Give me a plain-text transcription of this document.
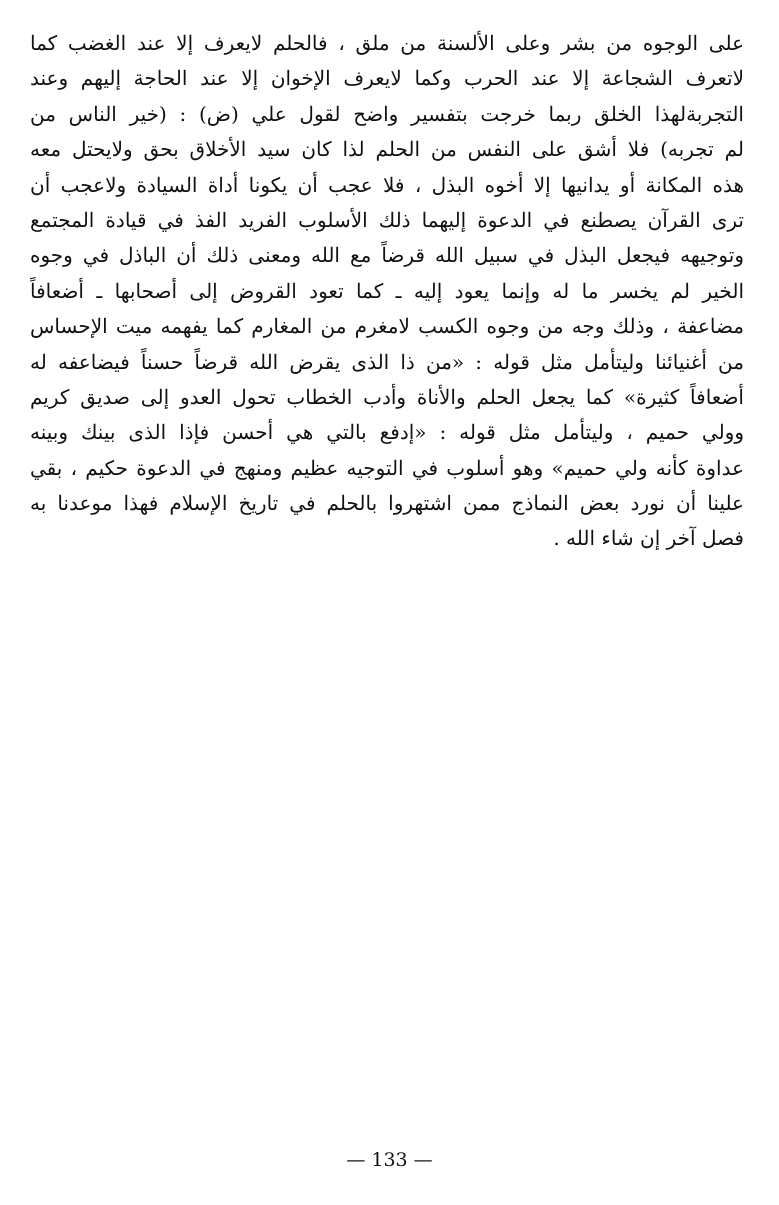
على الوجوه من بشر وعلى الألسنة من ملق ، فالحلم لايعرف إلا عند الغضب كما
لاتعرف الشجاعة إلا عند الحرب وكما لايعرف الإخوان إلا عند الحاجة إليهم وعند
التجربةلهذا الخلق ربما خرجت بتفسير واضح لقول علي (ض) : (خير الناس من
لم تجربه) فلا أشق على النفس من الحلم لذا كان سيد الأخلاق بحق ولايحتل معه
هذه المكانة أو يدانيها إلا أخوه البذل ، فلا عجب أن يكونا أداة السيادة ولاعجب أن
ترى القرآن يصطنع في الدعوة إليهما ذلك الأسلوب الفريد الفذ في قيادة المجتمع
وتوجيهه فيجعل البذل في سبيل الله قرضاً مع الله ومعنى ذلك أن الباذل في وجوه
الخير لم يخسر ما له وإنما يعود إليه ـ كما تعود القروض إلى أصحابها ـ أضعافاً
مضاعفة ، وذلك وجه من وجوه الكسب لامغرم من المغارم كما يفهمه ميت الإحساس
من أغنيائنا وليتأمل مثل قوله : «من ذا الذى يقرض الله قرضاً حسناً فيضاعفه له
أضعافاً كثيرة» كما يجعل الحلم والأناة وأدب الخطاب تحول العدو إلى صديق كريم
وولي حميم ، وليتأمل مثل قوله : «إدفع بالتي هي أحسن فإذا الذى بينك وبينه
عداوة كأنه ولي حميم» وهو أسلوب في التوجيه عظيم ومنهج في الدعوة حكيم ، بقي
علينا أن نورد بعض النماذج ممن اشتهروا بالحلم في تاريخ الإسلام فهذا موعدنا به
فصل آخر إن شاء الله .
— 133 —
